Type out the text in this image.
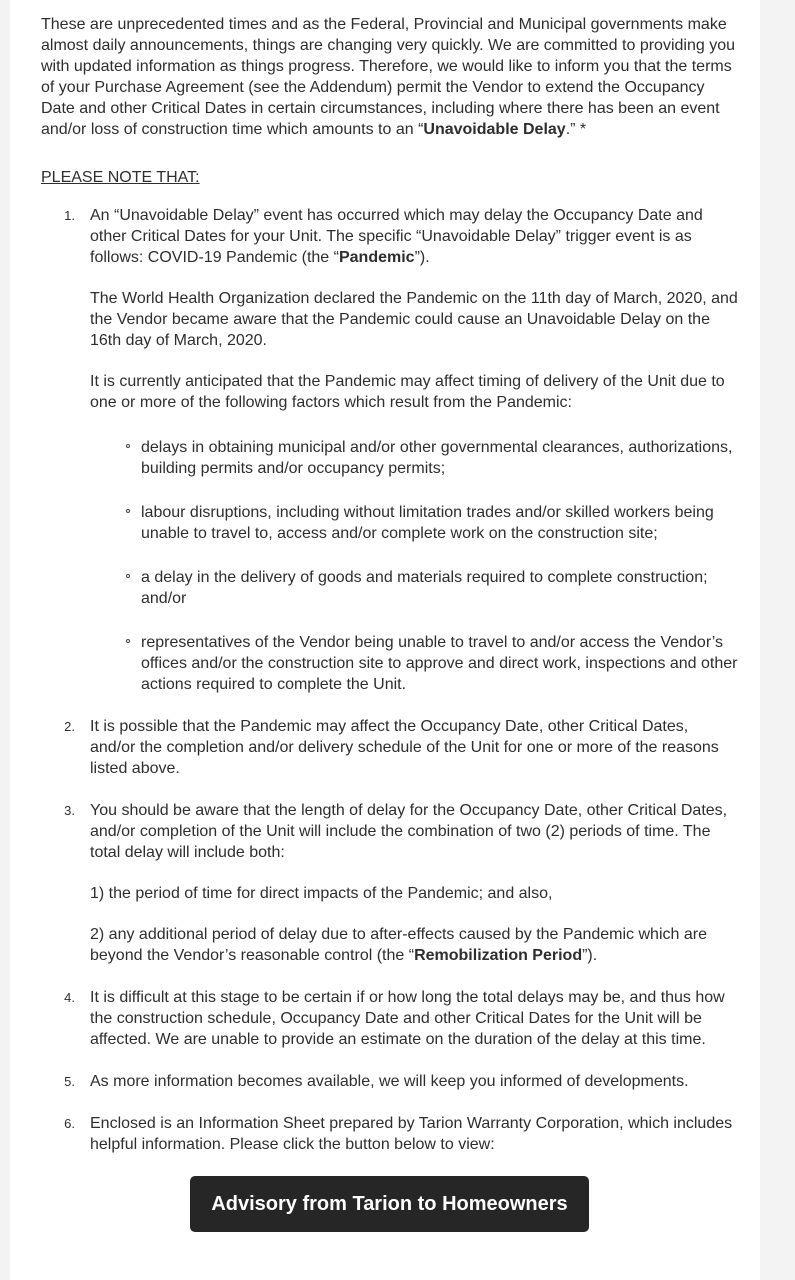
These are unprecedented times and as the Federal, Provincial and Municipal governments make almost daily announcements, things are changing very quickly. We are committed to providing you with updated information as things progress. Therefore, we would like to inform you that the terms of your Purchase Agreement (see the Addendum) permit the Vendor to extend the Occupancy Date and other Critical Dates in certain circumstances, including where there has been an event and/or loss of construction time which amounts to an “Unavoidable Delay.” *

PLEASE NOTE THAT:

1. An “Unavoidable Delay” event has occurred which may delay the Occupancy Date and other Critical Dates for your Unit. The specific “Unavoidable Delay” trigger event is as follows: COVID-19 Pandemic (the “Pandemic”).

The World Health Organization declared the Pandemic on the 11th day of March, 2020, and the Vendor became aware that the Pandemic could cause an Unavoidable Delay on the 16th day of March, 2020.

It is currently anticipated that the Pandemic may affect timing of delivery of the Unit due to one or more of the following factors which result from the Pandemic:

delays in obtaining municipal and/or other governmental clearances, authorizations, building permits and/or occupancy permits;
labour disruptions, including without limitation trades and/or skilled workers being unable to travel to, access and/or complete work on the construction site;
a delay in the delivery of goods and materials required to complete construction; and/or
representatives of the Vendor being unable to travel to and/or access the Vendor’s offices and/or the construction site to approve and direct work, inspections and other actions required to complete the Unit.
2. It is possible that the Pandemic may affect the Occupancy Date, other Critical Dates, and/or the completion and/or delivery schedule of the Unit for one or more of the reasons listed above.

3. You should be aware that the length of delay for the Occupancy Date, other Critical Dates, and/or completion of the Unit will include the combination of two (2) periods of time. The total delay will include both:

1) the period of time for direct impacts of the Pandemic; and also,

2) any additional period of delay due to after-effects caused by the Pandemic which are beyond the Vendor’s reasonable control (the “Remobilization Period”).

4. It is difficult at this stage to be certain if or how long the total delays may be, and thus how the construction schedule, Occupancy Date and other Critical Dates for the Unit will be affected. We are unable to provide an estimate on the duration of the delay at this time.

5. As more information becomes available, we will keep you informed of developments.

6. Enclosed is an Information Sheet prepared by Tarion Warranty Corporation, which includes helpful information. Please click the button below to view:

Advisory from Tarion to Homeowners
